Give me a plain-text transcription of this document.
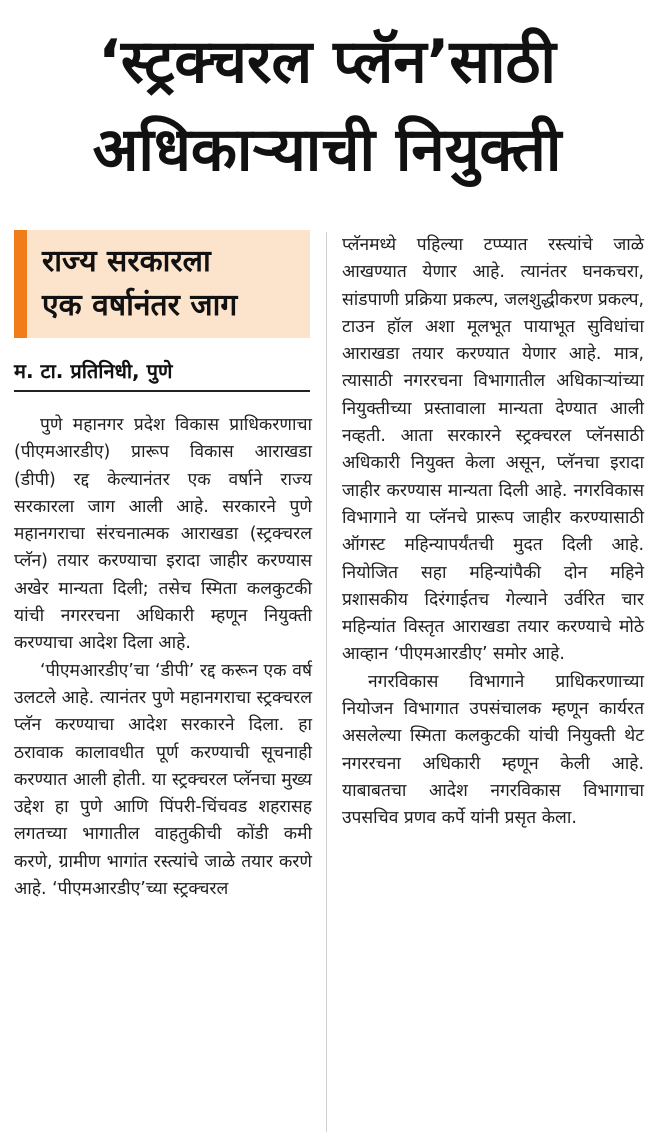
‘स्ट्रक्चरल प्लॅन’साठी
अधिकाऱ्याची नियुक्ती
राज्य सरकारला
एक वर्षानंतर जाग
म. टा. प्रतिनिधी, पुणे

पुणे महानगर प्रदेश विकास प्राधिकरणाचा (पीएमआरडीए) प्रारूप विकास आराखडा (डीपी) रद्द केल्यानंतर एक वर्षाने राज्य सरकारला जाग आली आहे. सरकारने पुणे महानगराचा संरचनात्मक आराखडा (स्ट्रक्चरल प्लॅन) तयार करण्याचा इरादा जाहीर करण्यास अखेर मान्यता दिली; तसेच स्मिता कलकुटकी यांची नगररचना अधिकारी म्हणून नियुक्ती करण्याचा आदेश दिला आहे.

‘पीएमआरडीए’चा ‘डीपी’ रद्द करून एक वर्ष उलटले आहे. त्यानंतर पुणे महानगराचा स्ट्रक्चरल प्लॅन करण्याचा आदेश सरकारने दिला. हा ठरावाक कालावधीत पूर्ण करण्याची सूचनाही करण्यात आली होती. या स्ट्रक्चरल प्लॅनचा मुख्य उद्देश हा पुणे आणि पिंपरी-चिंचवड शहरासह लगतच्या भागातील वाहतुकीची कोंडी कमी करणे, ग्रामीण भागांत रस्त्यांचे जाळे तयार करणे आहे. ‘पीएमआरडीए’च्या स्ट्रक्चरल

प्लॅनमध्ये पहिल्या टप्प्यात रस्त्यांचे जाळे आखण्यात येणार आहे. त्यानंतर घनकचरा, सांडपाणी प्रक्रिया प्रकल्प, जलशुद्धीकरण प्रकल्प, टाउन हॉल अशा मूलभूत पायाभूत सुविधांचा आराखडा तयार करण्यात येणार आहे. मात्र, त्यासाठी नगररचना विभागातील अधिकाऱ्यांच्या नियुक्तीच्या प्रस्तावाला मान्यता देण्यात आली नव्हती. आता सरकारने स्ट्रक्चरल प्लॅनसाठी अधिकारी नियुक्त केला असून, प्लॅनचा इरादा जाहीर करण्यास मान्यता दिली आहे. नगरविकास विभागाने या प्लॅनचे प्रारूप जाहीर करण्यासाठी ऑगस्ट महिन्यापर्यंतची मुदत दिली आहे. नियोजित सहा महिन्यांपैकी दोन महिने प्रशासकीय दिरंगाईतच गेल्याने उर्वरित चार महिन्यांत विस्तृत आराखडा तयार करण्याचे मोठे आव्हान ‘पीएमआरडीए’ समोर आहे.

नगरविकास विभागाने प्राधिकरणाच्या नियोजन विभागात उपसंचालक म्हणून कार्यरत असलेल्या स्मिता कलकुटकी यांची नियुक्ती थेट नगररचना अधिकारी म्हणून केली आहे. याबाबतचा आदेश नगरविकास विभागाचा उपसचिव प्रणव कर्पे यांनी प्रसृत केला.
